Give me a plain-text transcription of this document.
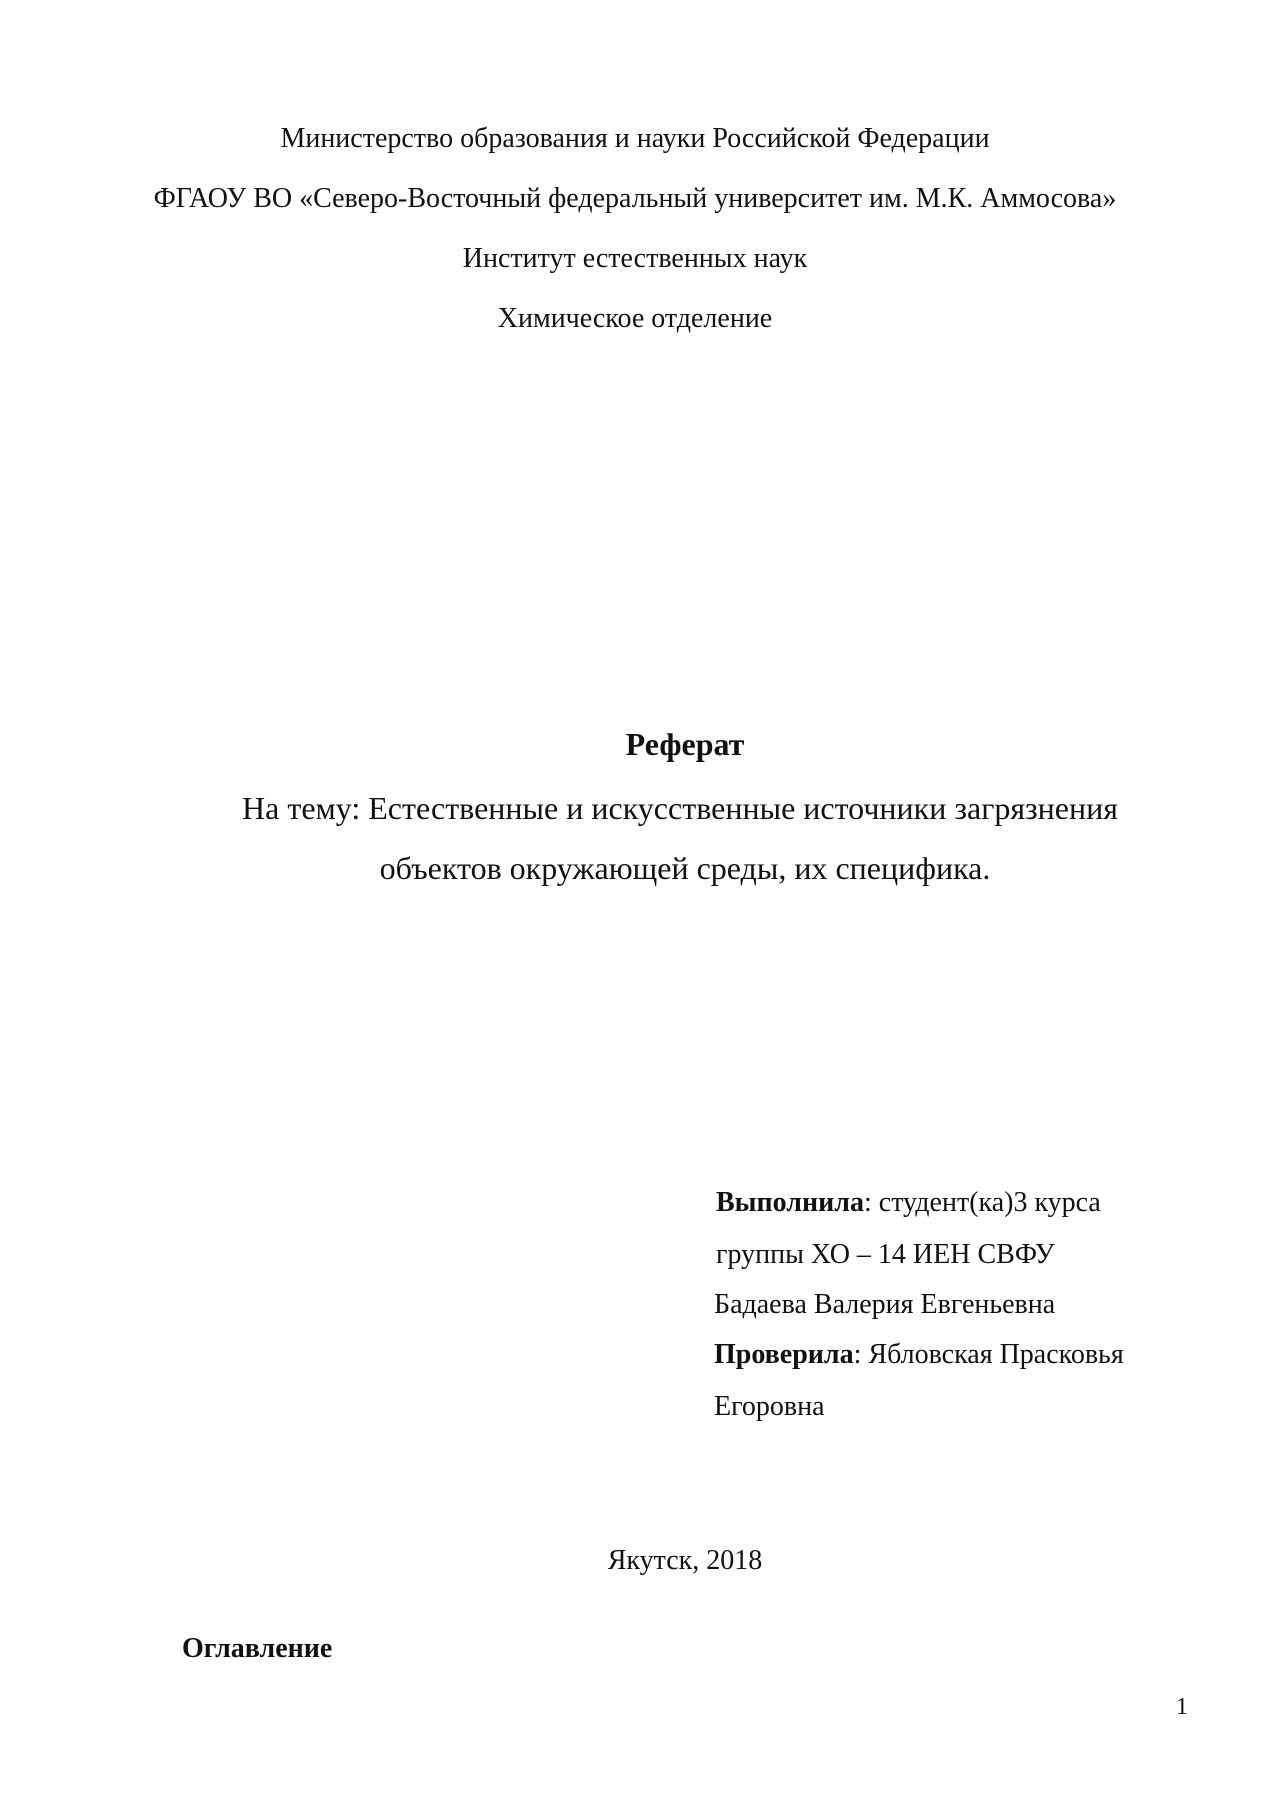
Министерство образования и науки Российской Федерации
ФГАОУ ВО «Северо-Восточный федеральный университет им. М.К. Аммосова»
Институт естественных наук
Химическое отделение
Реферат
На тему: Естественные и искусственные источники загрязнения
объектов окружающей среды, их специфика.
Выполнила: студент(ка)3 курса
группы ХО – 14 ИЕН СВФУ
Бадаева Валерия Евгеньевна
Проверила: Ябловская Прасковья
Егоровна
Якутск, 2018
Оглавление
1
